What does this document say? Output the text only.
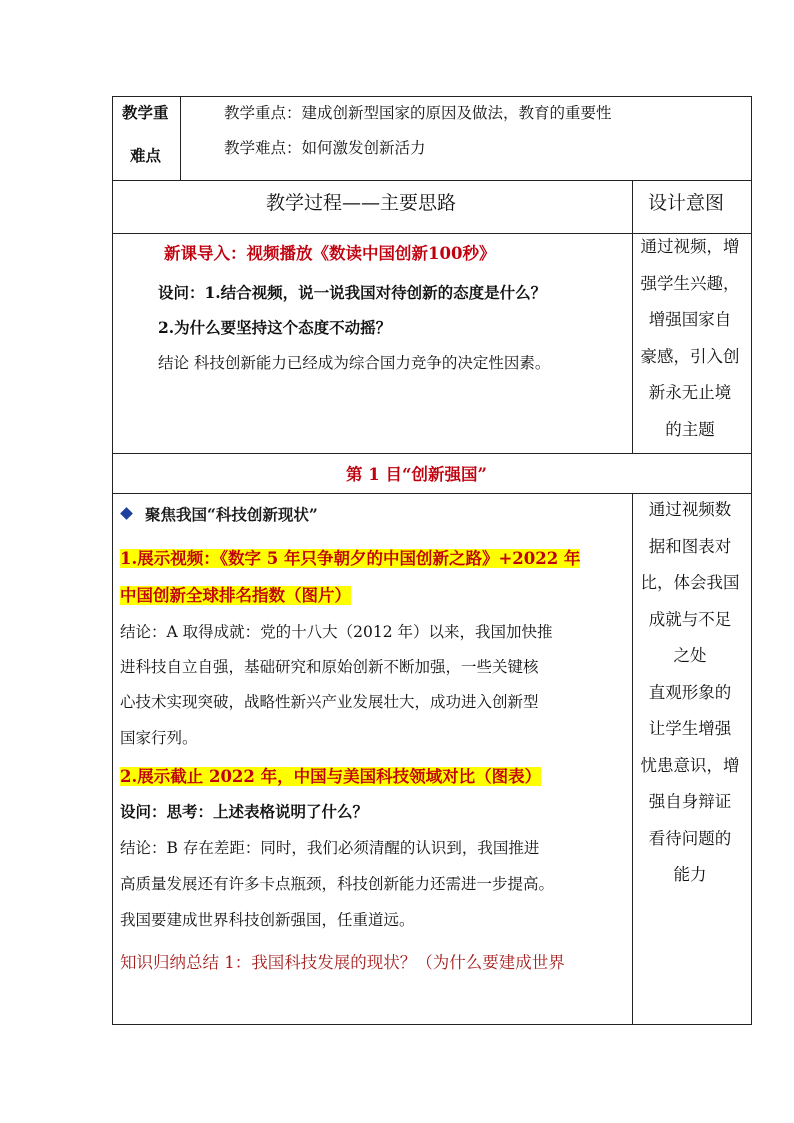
教学重
难点
教学重点：建成创新型国家的原因及做法，教育的重要性
教学难点：如何激发创新活力
教学过程——主要思路	设计意图
新课导入：视频播放《数读中国创新100秒》
设问：1.结合视频，说一说我国对待创新的态度是什么？
2.为什么要坚持这个态度不动摇？
结论 科技创新能力已经成为综合国力竞争的决定性因素。
通过视频，增
强学生兴趣，
增强国家自
豪感，引入创
新永无止境
的主题
第 1 目“创新强国”
聚焦我国“科技创新现状”
1.展示视频：《数字 5 年只争朝夕的中国创新之路》+2022 年
中国创新全球排名指数（图片）
结论：A 取得成就：党的十八大（2012 年）以来，我国加快推
进科技自立自强，基础研究和原始创新不断加强，一些关键核
心技术实现突破，战略性新兴产业发展壮大，成功进入创新型
国家行列。
2.展示截止 2022 年，中国与美国科技领域对比（图表）
设问：思考：上述表格说明了什么？
结论：B 存在差距：同时，我们必须清醒的认识到，我国推进
高质量发展还有许多卡点瓶颈，科技创新能力还需进一步提高。
我国要建成世界科技创新强国，任重道远。
知识归纳总结 1：我国科技发展的现状？（为什么要建成世界
通过视频数
据和图表对
比，体会我国
成就与不足
之处
直观形象的
让学生增强
忧患意识，增
强自身辩证
看待问题的
能力
